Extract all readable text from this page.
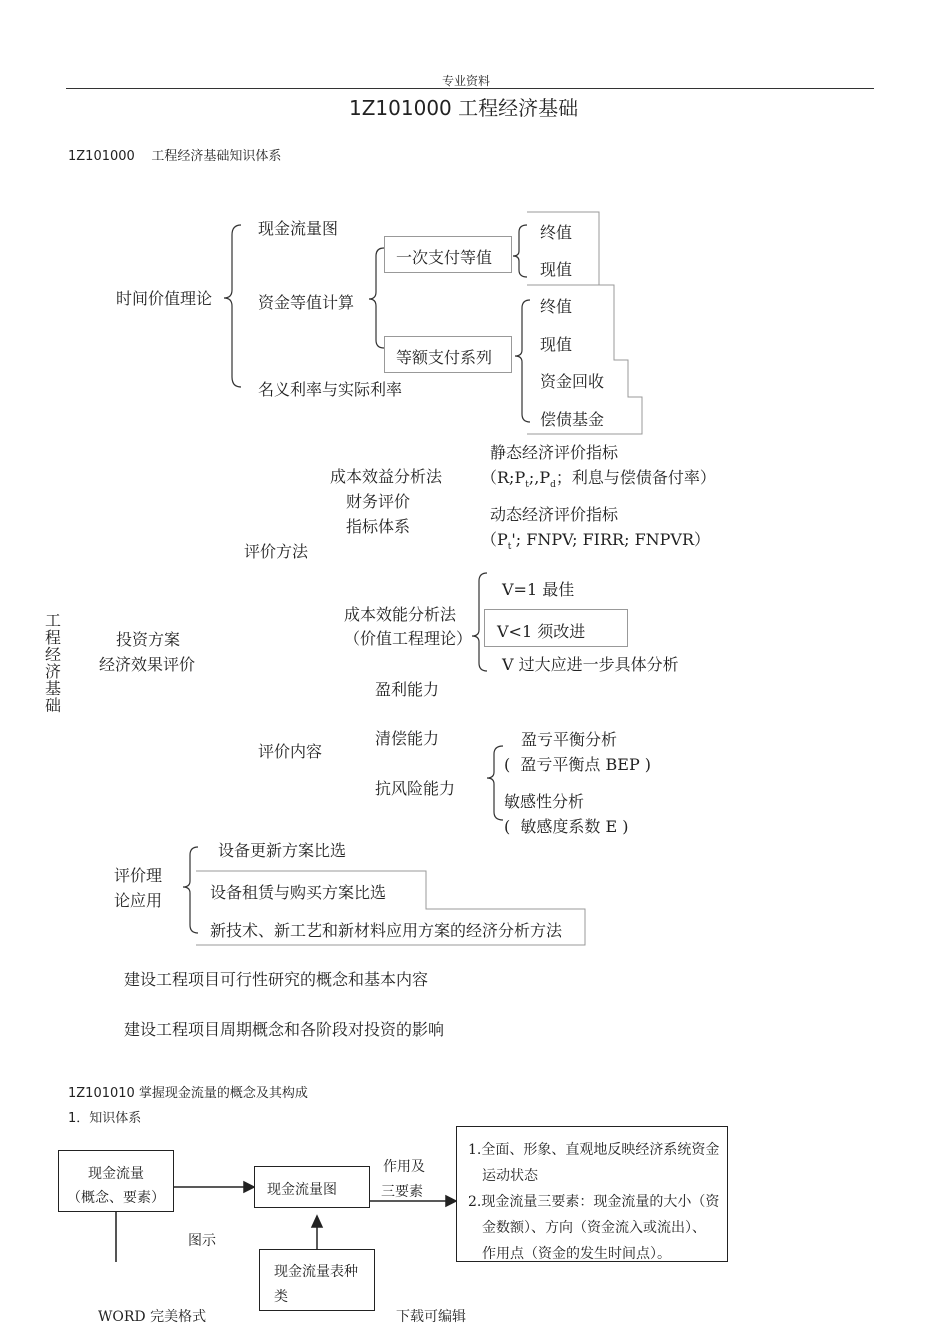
专业资料
1Z101000 工程经济基础
1Z101000    工程经济基础知识体系
时间价值理论
现金流量图
资金等值计算
名义利率与实际利率
一次支付等值
等额支付系列
终值
现值
终值
现值
资金回收
偿债基金
工程经济基础
成本效益分析法
财务评价
指标体系
评价方法
静态经济评价指标
（$R;P_t;,P_d$；利息与偿债备付率）
动态经济评价指标
（$P_t'$; FNPV; FIRR; FNPVR）
投资方案
经济效果评价
成本效能分析法
（价值工程理论）
V=1 最佳
V<1 须改进
V 过大应进一步具体分析
盈利能力
清偿能力
评价内容
抗风险能力
盈亏平衡分析
(  盈亏平衡点 BEP )
敏感性分析
(  敏感度系数 E )
评价理
论应用
设备更新方案比选
设备租赁与购买方案比选
新技术、新工艺和新材料应用方案的经济分析方法
建设工程项目可行性研究的概念和基本内容
建设工程项目周期概念和各阶段对投资的影响
1Z101010 掌握现金流量的概念及其构成
1．知识体系
现金流量
（概念、要素）	现金流量图
作用及
三要素
图示
现金流量表种
类
1.全面、形象、直观地反映经济系统资金
运动状态
2.现金流量三要素：现金流量的大小（资
金数额）、方向（资金流入或流出）、
作用点（资金的发生时间点）。
WORD 完美格式	下载可编辑
